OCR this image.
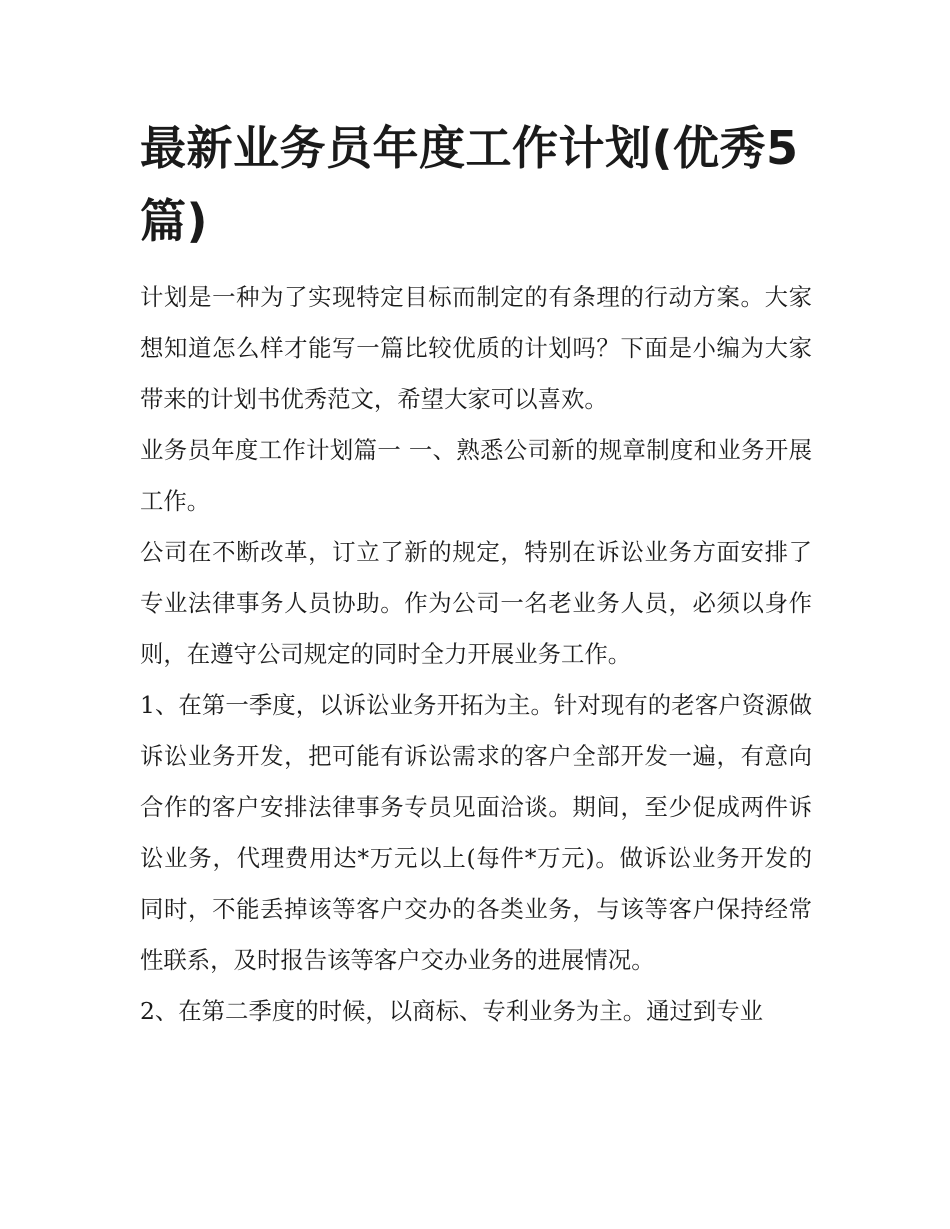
最新业务员年度工作计划(优秀5篇)

计划是一种为了实现特定目标而制定的有条理的行动方案。大家想知道怎么样才能写一篇比较优质的计划吗？下面是小编为大家带来的计划书优秀范文，希望大家可以喜欢。

业务员年度工作计划篇一 一、熟悉公司新的规章制度和业务开展工作。

公司在不断改革，订立了新的规定，特别在诉讼业务方面安排了专业法律事务人员协助。作为公司一名老业务人员，必须以身作则，在遵守公司规定的同时全力开展业务工作。

1、在第一季度，以诉讼业务开拓为主。针对现有的老客户资源做诉讼业务开发，把可能有诉讼需求的客户全部开发一遍，有意向合作的客户安排法律事务专员见面洽谈。期间，至少促成两件诉讼业务，代理费用达*万元以上(每件*万元)。做诉讼业务开发的同时，不能丢掉该等客户交办的各类业务，与该等客户保持经常性联系，及时报告该等客户交办业务的进展情况。

2、在第二季度的时候，以商标、专利业务为主。通过到专业
